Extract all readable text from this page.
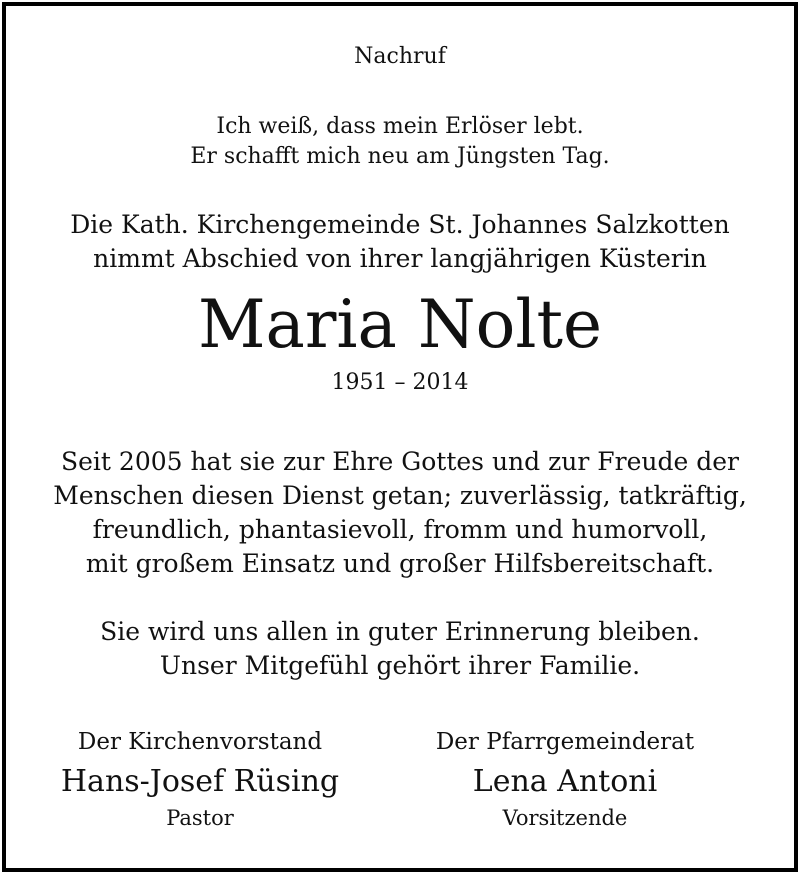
Nachruf
Ich weiß, dass mein Erlöser lebt.
Er schafft mich neu am Jüngsten Tag.
Die Kath. Kirchengemeinde St. Johannes Salzkotten
nimmt Abschied von ihrer langjährigen Küsterin
Maria Nolte
1951 – 2014
Seit 2005 hat sie zur Ehre Gottes und zur Freude der
Menschen diesen Dienst getan; zuverlässig, tatkräftig,
freundlich, phantasievoll, fromm und humorvoll,
mit großem Einsatz und großer Hilfsbereitschaft.
Sie wird uns allen in guter Erinnerung bleiben.
Unser Mitgefühl gehört ihrer Familie.
Der Kirchenvorstand
Hans-Josef Rüsing
Pastor
Der Pfarrgemeinderat
Lena Antoni
Vorsitzende
